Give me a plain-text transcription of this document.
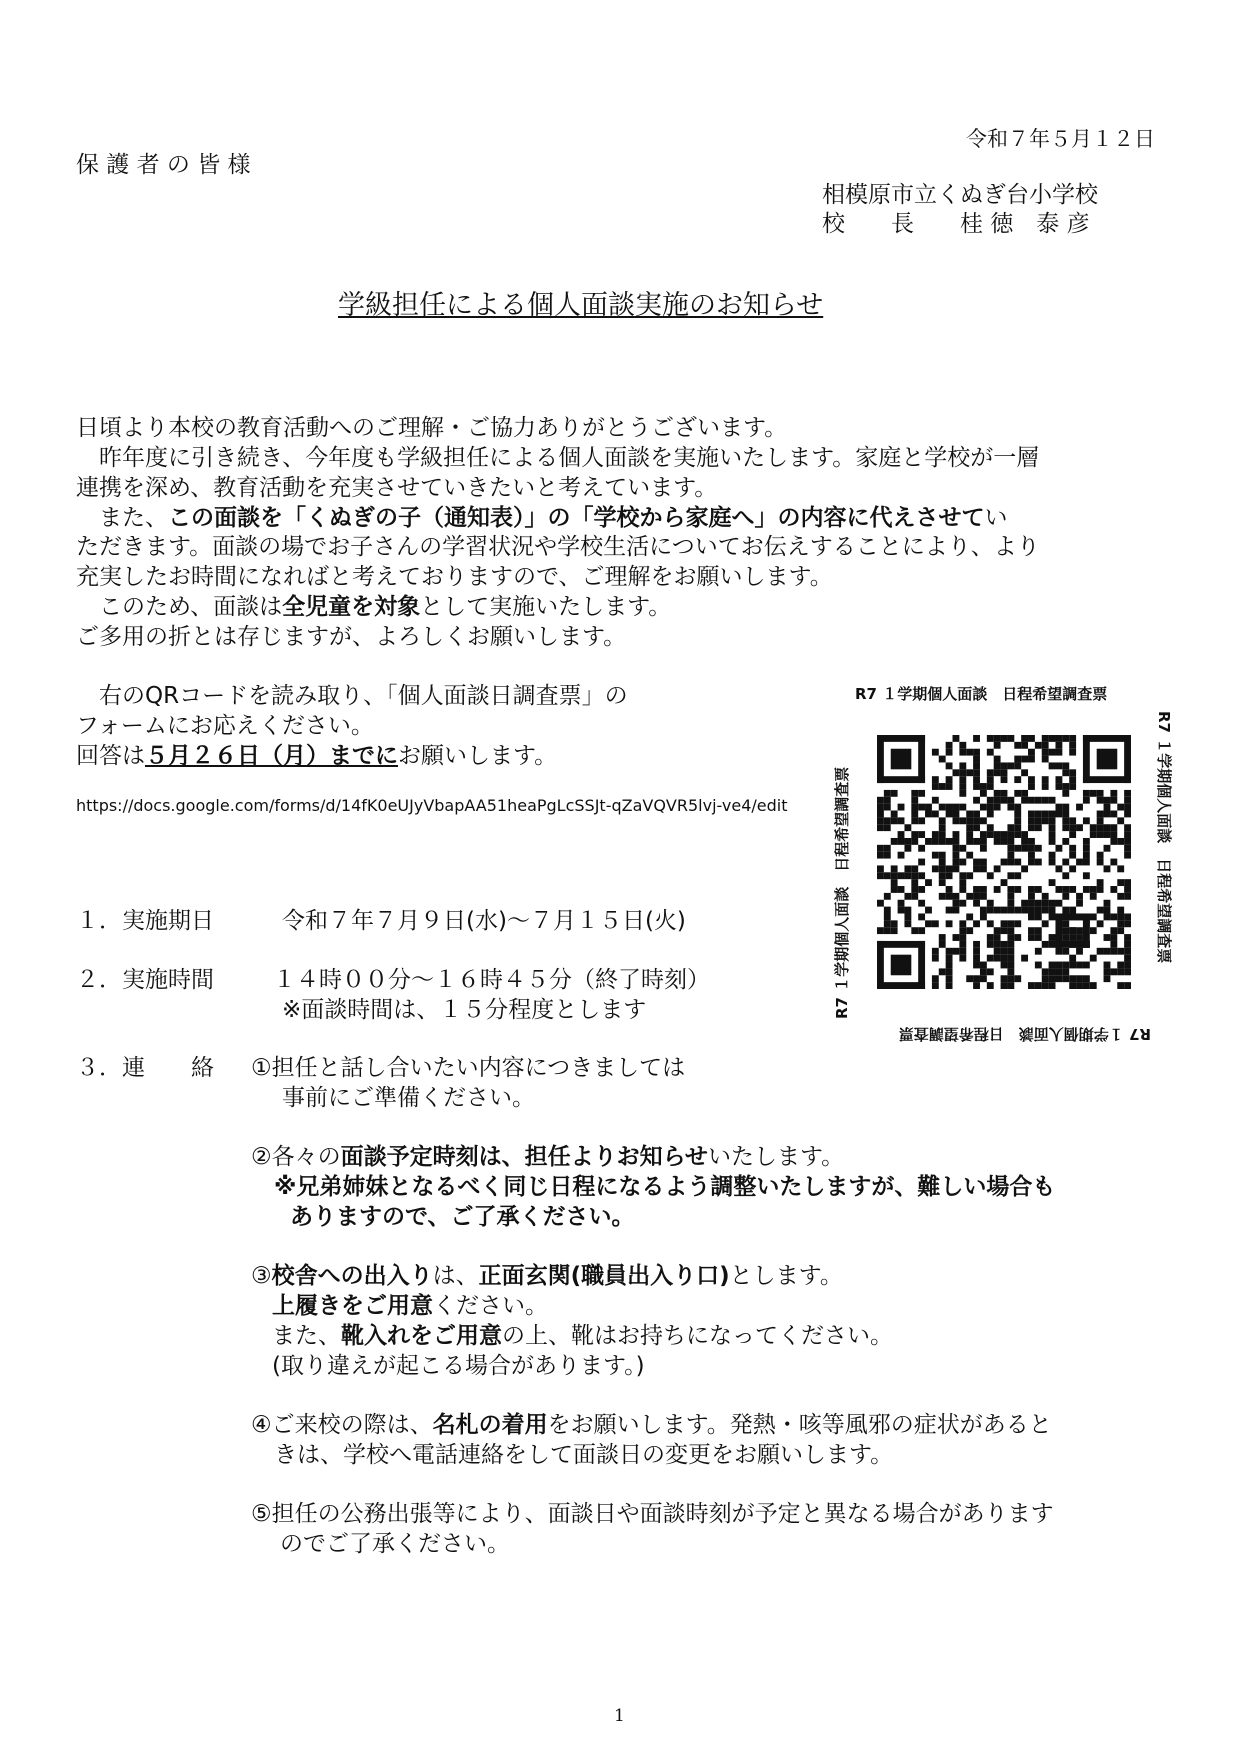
令和７年５月１２日
保 護 者 の 皆 様
相模原市立くぬぎ台小学校
校　　長　　桂 徳　泰 彦
学級担任による個人面談実施のお知らせ
日頃より本校の教育活動へのご理解・ご協力ありがとうございます。
　昨年度に引き続き、今年度も学級担任による個人面談を実施いたします。家庭と学校が一層
連携を深め、教育活動を充実させていきたいと考えています。
　また、この面談を「くぬぎの子（通知表）」の「学校から家庭へ」の内容に代えさせてい
ただきます。面談の場でお子さんの学習状況や学校生活についてお伝えすることにより、より
充実したお時間になればと考えておりますので、ご理解をお願いします。
　このため、面談は全児童を対象として実施いたします。
ご多用の折とは存じますが、よろしくお願いします。
　右のQRコードを読み取り、「個人面談日調査票」の
フォームにお応えください。
回答は５月２６日（月）までにお願いします。
https://docs.google.com/forms/d/14fK0eUJyVbapAA51heaPgLcSSJt-qZaVQVR5lvj-ve4/edit
R7 １学期個人面談　日程希望調査票
R7 １学期個人面談　日程希望調査票
R7 １学期個人面談　日程希望調査票
R7 １学期個人面談　日程希望調査票
１．実施期日	令和７年７月９日(水)～７月１５日(火)
２．実施時間	１４時００分～１６時４５分（終了時刻）
※面談時間は、１５分程度とします
３．連　　絡 ①担任と話し合いたい内容につきましては
事前にご準備ください。
②各々の面談予定時刻は、担任よりお知らせいたします。
※兄弟姉妹となるべく同じ日程になるよう調整いたしますが、難しい場合も
ありますので、ご了承ください。
③校舎への出入りは、正面玄関(職員出入り口)とします。
上履きをご用意ください。
また、靴入れをご用意の上、靴はお持ちになってください。
(取り違えが起こる場合があります。)
④ご来校の際は、名札の着用をお願いします。発熱・咳等風邪の症状があると
きは、学校へ電話連絡をして面談日の変更をお願いします。
⑤担任の公務出張等により、面談日や面談時刻が予定と異なる場合があります
のでご了承ください。
1
